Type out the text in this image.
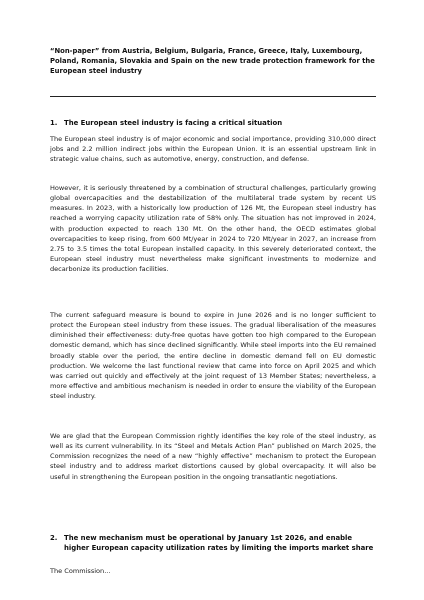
“Non-paper” from Austria, Belgium, Bulgaria, France, Greece, Italy, Luxembourg, Poland, Romania, Slovakia and Spain on the new trade protection framework for the European steel industry
1. The European steel industry is facing a critical situation

The European steel industry is of major economic and social importance, providing 310,000 direct jobs and 2.2 million indirect jobs within the European Union. It is an essential upstream link in strategic value chains, such as automotive, energy, construction, and defense.

However, it is seriously threatened by a combination of structural challenges, particularly growing global overcapacities and the destabilization of the multilateral trade system by recent US measures. In 2023, with a historically low production of 126 Mt, the European steel industry has reached a worrying capacity utilization rate of 58% only. The situation has not improved in 2024, with production expected to reach 130 Mt. On the other hand, the OECD estimates global overcapacities to keep rising, from 600 Mt/year in 2024 to 720 Mt/year in 2027, an increase from 2.75 to 3.5 times the total European installed capacity. In this severely deteriorated context, the European steel industry must nevertheless make significant investments to modernize and decarbonize its production facilities.

The current safeguard measure is bound to expire in June 2026 and is no longer sufficient to protect the European steel industry from these issues. The gradual liberalisation of the measures diminished their effectiveness: duty-free quotas have gotten too high compared to the European domestic demand, which has since declined significantly. While steel imports into the EU remained broadly stable over the period, the entire decline in domestic demand fell on EU domestic production. We welcome the last functional review that came into force on April 2025 and which was carried out quickly and effectively at the joint request of 13 Member States; nevertheless, a more effective and ambitious mechanism is needed in order to ensure the viability of the European steel industry.

We are glad that the European Commission rightly identifies the key role of the steel industry, as well as its current vulnerability. In its “Steel and Metals Action Plan” published on March 2025, the Commission recognizes the need of a new “highly effective” mechanism to protect the European steel industry and to address market distortions caused by global overcapacity. It will also be useful in strengthening the European position in the ongoing transatlantic negotiations.

2. The new mechanism must be operational by January 1st 2026, and enable higher European capacity utilization rates by limiting the imports market share

The Commission...
